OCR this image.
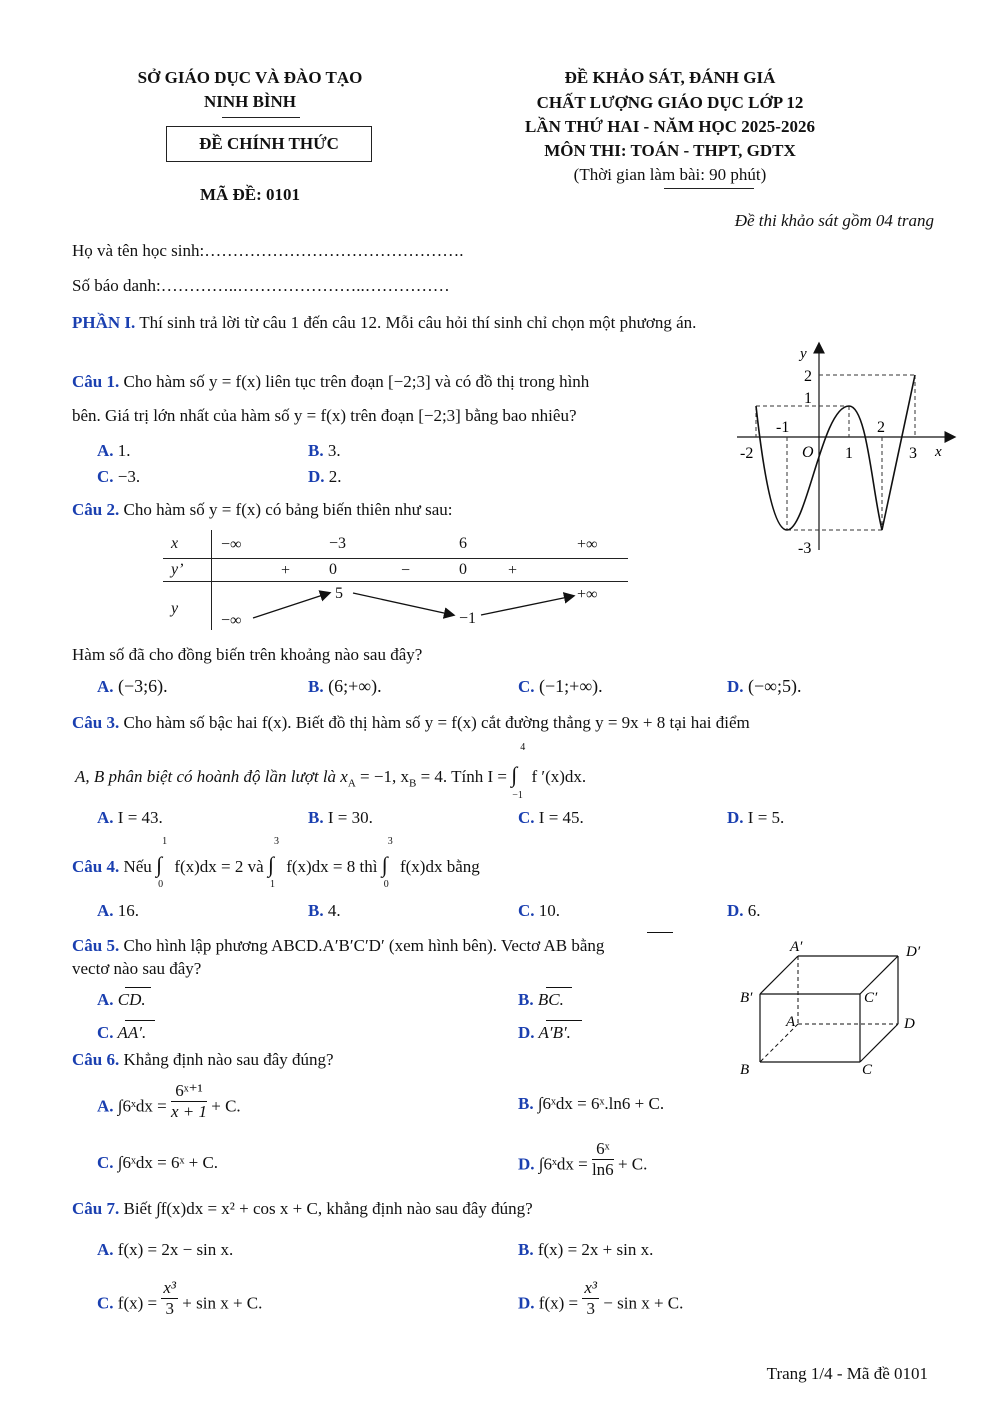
SỞ GIÁO DỤC VÀ ĐÀO TẠO
NINH BÌNH
ĐỀ CHÍNH THỨC
MÃ ĐỀ: 0101
ĐỀ KHẢO SÁT, ĐÁNH GIÁ
CHẤT LƯỢNG GIÁO DỤC LỚP 12
LẦN THỨ HAI - NĂM HỌC 2025-2026
MÔN THI: TOÁN - THPT, GDTX
(Thời gian làm bài: 90 phút)
Đề thi khảo sát gồm 04 trang
Họ và tên học sinh:……………………………………….
Số báo danh:…………..…………………..……………
PHẦN I. Thí sinh trả lời từ câu 1 đến câu 12. Mỗi câu hỏi thí sinh chỉ chọn một phương án.
Câu 1. Cho hàm số y = f(x) liên tục trên đoạn [−2;3] và có đồ thị trong hình
bên. Giá trị lớn nhất của hàm số y = f(x) trên đoạn [−2;3] bằng bao nhiêu?
A. 1.	B. 3.
C. −3.	D. 2.
y
x
O
2
1
-3
-2
-1
1
2
3
Câu 2. Cho hàm số y = f(x) có bảng biến thiên như sau:
x	−∞	−3	6	+∞
y’	+ 0	−	0	+
y
−∞
5
−1
+∞
Hàm số đã cho đồng biến trên khoảng nào sau đây?
A. (−3;6).	B. (6;+∞).	C. (−1;+∞).	D. (−∞;5).
Câu 3. Cho hàm số bậc hai f(x). Biết đồ thị hàm số y = f(x) cắt đường thẳng y = 9x + 8 tại hai điểm
A, B phân biệt có hoành độ lần lượt là $x_A = -1$, $x_B = 4$. Tính I = ∫
4
−1
f ′(x)dx.
A. I = 43.	B. I = 30.	C. I = 45.	D. I = 5.
Câu 4. Nếu ∫
1
0
f(x)dx = 2 và ∫
3
1
f(x)dx = 8 thì ∫
3
0
f(x)dx bằng
A. 16.	B. 4.	C. 10.	D. 6.
Câu 5. Cho hình lập phương ABCD.A′B′C′D′ (xem hình bên). Vectơ AB bằng
vectơ nào sau đây?
A. CD.	B. BC.
C. AA′.	D. A′B′.
A′	D′
B′	C′
A	D
B	C
Câu 6. Khẳng định nào sau đây đúng?
A. ∫6ˣdx = $\frac{\text{6ˣ⁺¹}}{x + 1} + C$.	B. ∫6ˣdx = 6ˣ.ln6 + C.
C. ∫6ˣdx = 6ˣ + C.	D. ∫6ˣdx = $\frac{\text{6ˣ}}{\ln 6} + C$.
Câu 7. Biết ∫f(x)dx = x² + cos x + C, khẳng định nào sau đây đúng?
A. f(x) = 2x − sin x.	B. f(x) = 2x + sin x.
C. $f(x) = \frac{\text{x³}}{3} + \sin x + C$.	D. $f(x) = \frac{\text{x³}}{3} - \sin x + C$.
Trang 1/4 - Mã đề 0101
